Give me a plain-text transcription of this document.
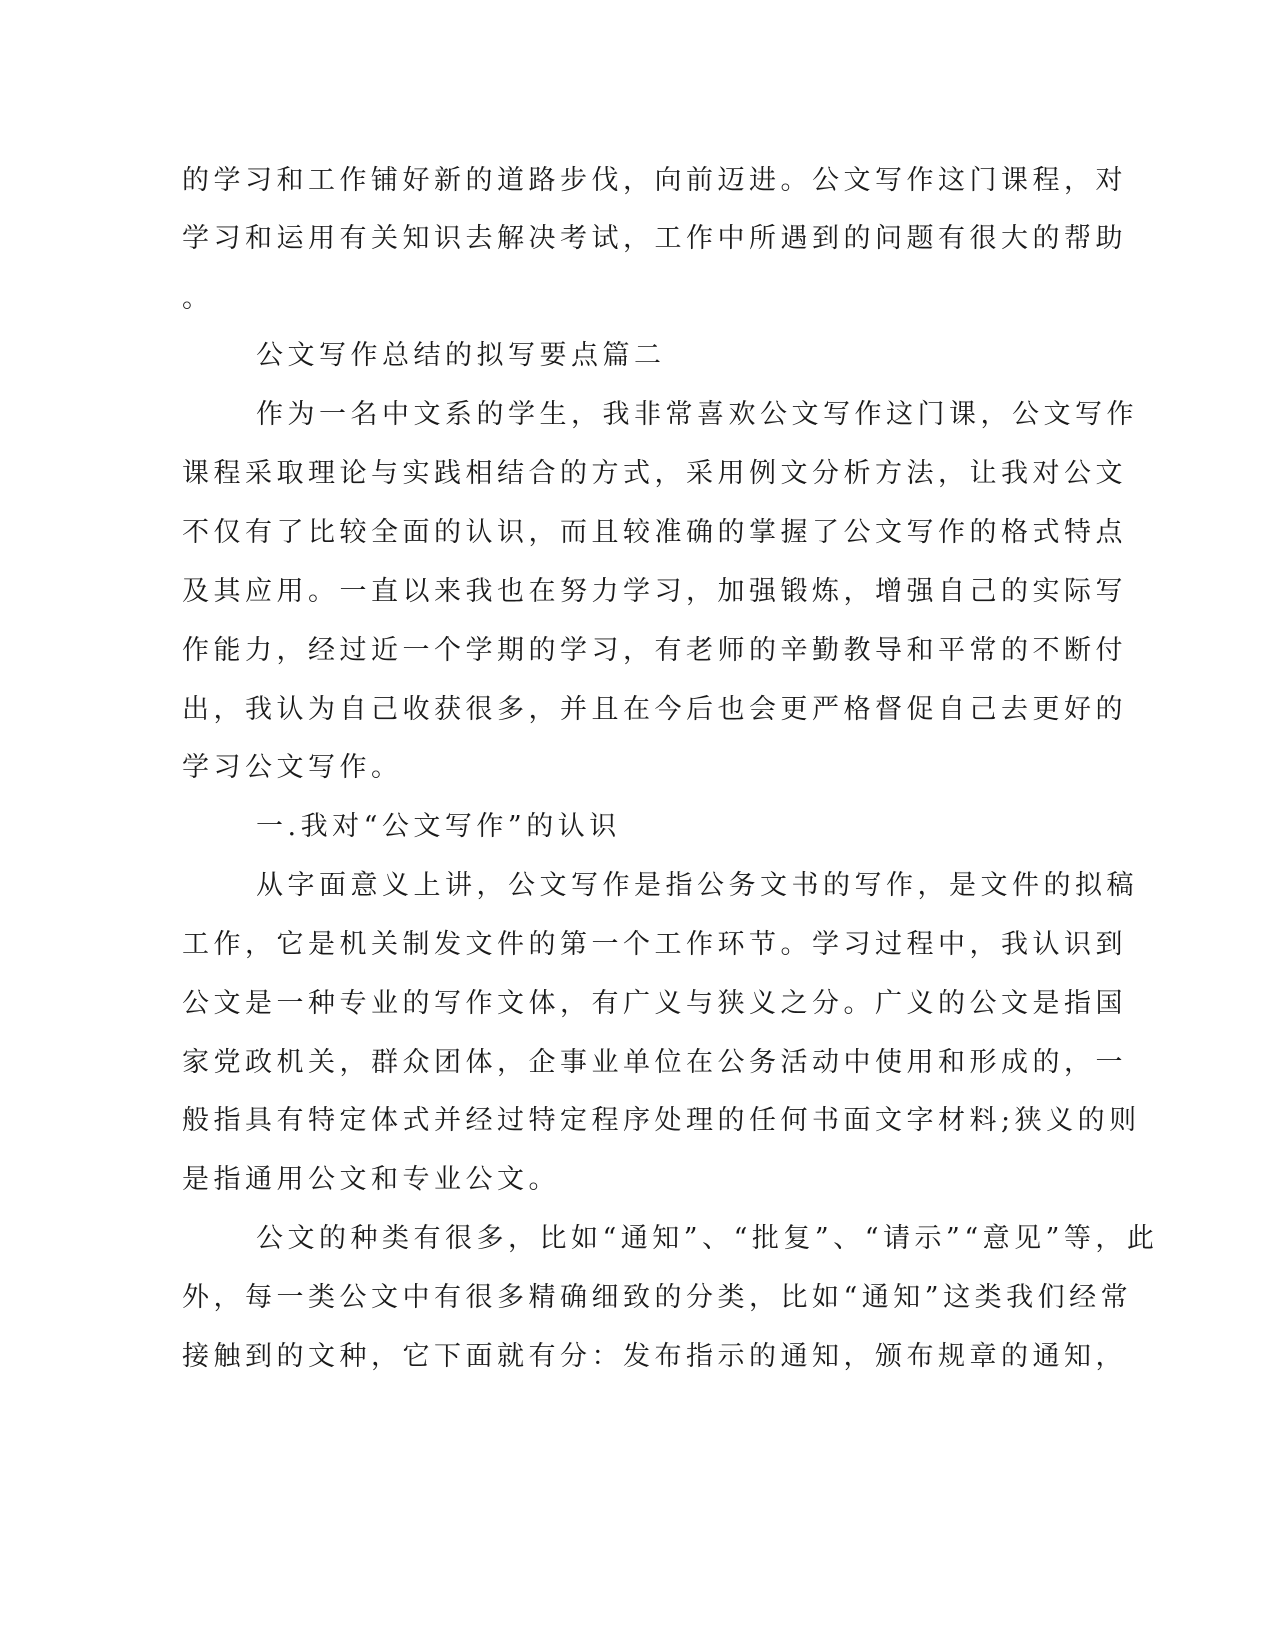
的学习和工作铺好新的道路步伐，向前迈进。公文写作这门课程，对
学习和运用有关知识去解决考试，工作中所遇到的问题有很大的帮助
。
公文写作总结的拟写要点篇二
作为一名中文系的学生，我非常喜欢公文写作这门课，公文写作
课程采取理论与实践相结合的方式，采用例文分析方法，让我对公文
不仅有了比较全面的认识，而且较准确的掌握了公文写作的格式特点
及其应用。一直以来我也在努力学习，加强锻炼，增强自己的实际写
作能力，经过近一个学期的学习，有老师的辛勤教导和平常的不断付
出，我认为自己收获很多，并且在今后也会更严格督促自己去更好的
学习公文写作。
一.我对“公文写作”的认识
从字面意义上讲，公文写作是指公务文书的写作，是文件的拟稿
工作，它是机关制发文件的第一个工作环节。学习过程中，我认识到
公文是一种专业的写作文体，有广义与狭义之分。广义的公文是指国
家党政机关，群众团体，企事业单位在公务活动中使用和形成的，一
般指具有特定体式并经过特定程序处理的任何书面文字材料;狭义的则
是指通用公文和专业公文。
公文的种类有很多，比如“通知”、“批复”、“请示”“意见”等，此
外，每一类公文中有很多精确细致的分类，比如“通知”这类我们经常
接触到的文种，它下面就有分：发布指示的通知，颁布规章的通知，
